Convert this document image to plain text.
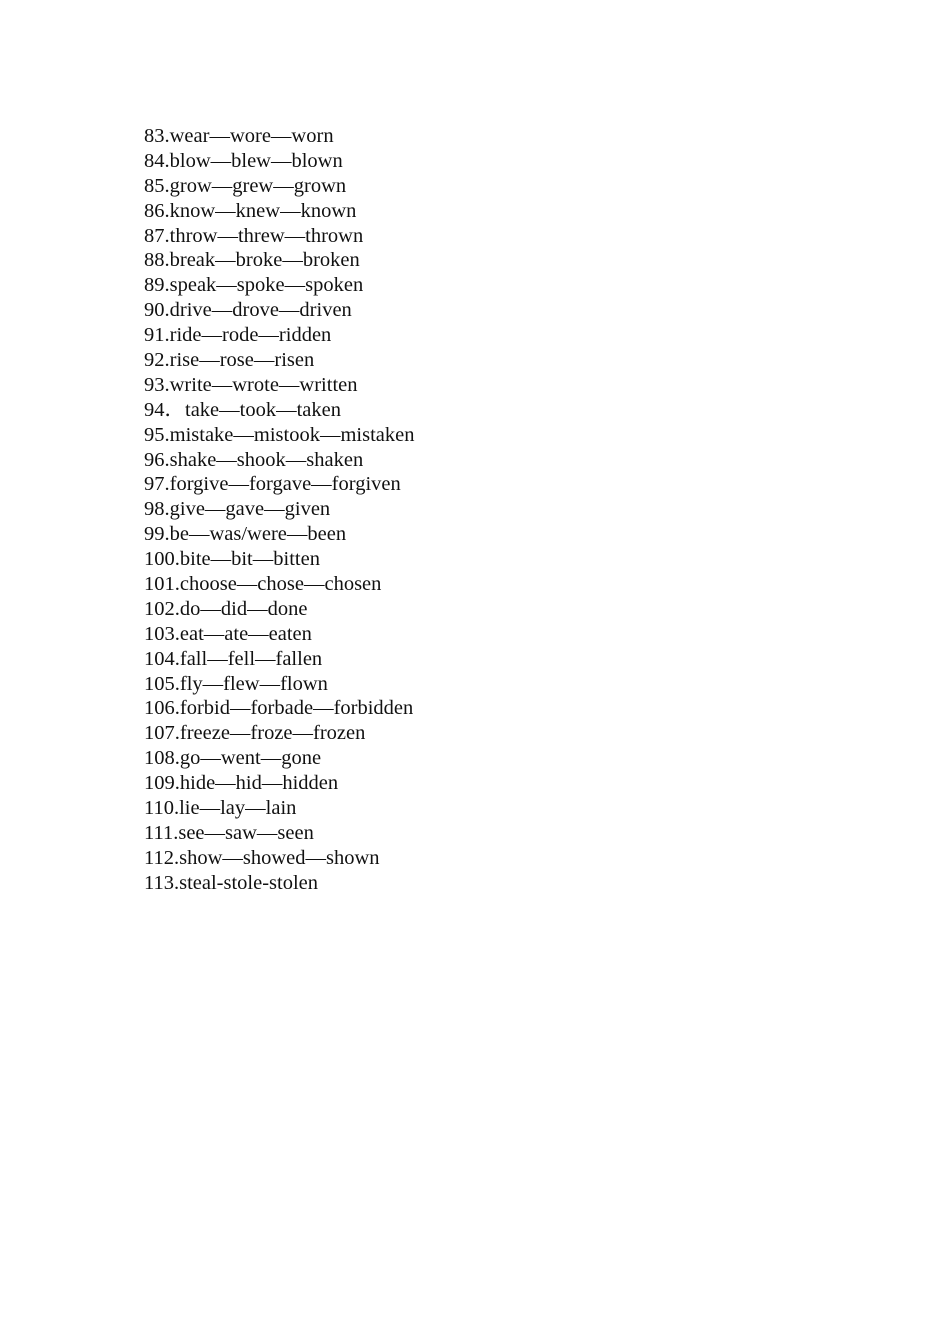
83.wear—wore—worn
84.blow—blew—blown
85.grow—grew—grown
86.know—knew—known
87.throw—threw—thrown
88.break—broke—broken
89.speak—spoke—spoken
90.drive—drove—driven
91.ride—rode—ridden
92.rise—rose—risen
93.write—wrote—written
94．take—took—taken
95.mistake—mistook—mistaken
96.shake—shook—shaken
97.forgive—forgave—forgiven
98.give—gave—given
99.be—was/were—been
100.bite—bit—bitten
101.choose—chose—chosen
102.do—did—done
103.eat—ate—eaten
104.fall—fell—fallen
105.fly—flew—flown
106.forbid—forbade—forbidden
107.freeze—froze—frozen
108.go—went—gone
109.hide—hid—hidden
110.lie—lay—lain
111.see—saw—seen
112.show—showed—shown
113.steal-stole-stolen
